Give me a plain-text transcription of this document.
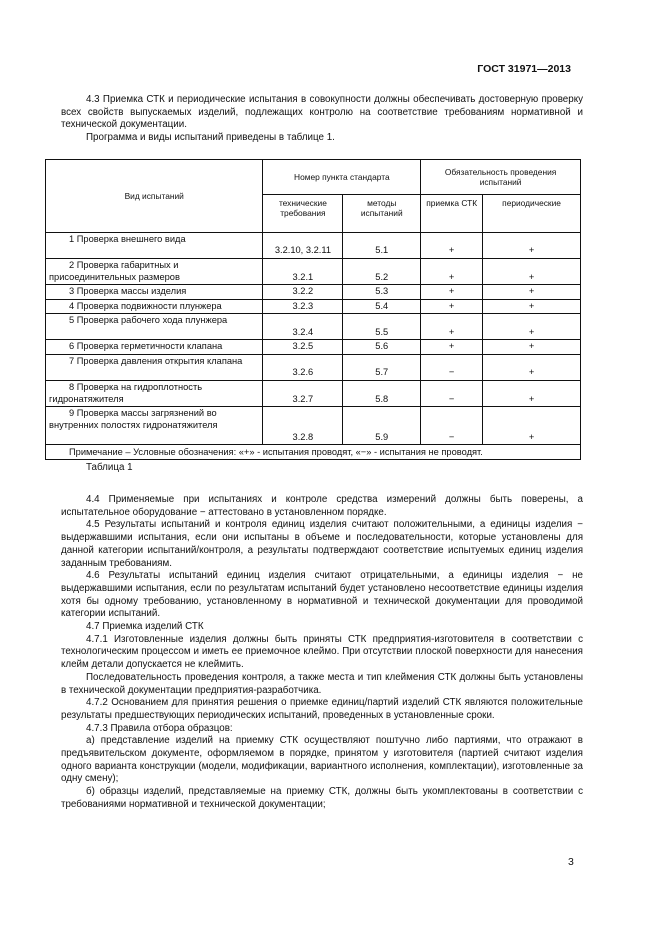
ГОСТ 31971—2013

4.3 Приемка СТК и периодические испытания в совокупности должны обеспечивать достоверную проверку всех свойств выпускаемых изделий, подлежащих контролю на соответствие требованиям нормативной и технической документации.

Программа и виды испытаний приведены в таблице 1.

Вид испытаний	Номер пункта стандарта		Обязательность проведения испытаний	
	технические требования	методы испытаний	приемка СТК	периодические
1 Проверка внешнего вида	3.2.10, 3.2.11	5.1	+	+
2 Проверка габаритных и присоединительных размеров	3.2.1	5.2	+	+
3 Проверка массы изделия	3.2.2	5.3	+	+
4 Проверка подвижности плунжера	3.2.3	5.4	+	+
5 Проверка рабочего хода плунжера	3.2.4	5.5	+	+
6 Проверка герметичности клапана	3.2.5	5.6	+	+
7 Проверка давления открытия клапана	3.2.6	5.7	−	+
8 Проверка на гидроплотность гидронатяжителя	3.2.7	5.8	−	+
9 Проверка массы загрязнений во внутренних полостях гидронатяжителя	3.2.8	5.9	−	+
Примечание – Условные обозначения: «+» - испытания проводят, «−» - испытания не проводят.				
Таблица 1

4.4 Применяемые при испытаниях и контроле средства измерений должны быть поверены, а испытательное оборудование − аттестовано в установленном порядке.

4.5 Результаты испытаний и контроля единиц изделия считают положительными, а единицы изделия − выдержавшими испытания, если они испытаны в объеме и последовательности, которые установлены для данной категории испытаний/контроля, а результаты подтверждают соответствие испытуемых единиц изделия заданным требованиям.

4.6 Результаты испытаний единиц изделия считают отрицательными, а единицы изделия − не выдержавшими испытания, если по результатам испытаний будет установлено несоответствие единицы изделия хотя бы одному требованию, установленному в нормативной и технической документации для проводимой категории испытаний.

4.7 Приемка изделий СТК

4.7.1 Изготовленные изделия должны быть приняты СТК предприятия-изготовителя в соответствии с технологическим процессом и иметь ее приемочное клеймо. При отсутствии плоской поверхности для нанесения клейм детали допускается не клеймить.

Последовательность проведения контроля, а также места и тип клеймения СТК должны быть установлены в технической документации предприятия-разработчика.

4.7.2 Основанием для принятия решения о приемке единиц/партий изделий СТК являются положительные результаты предшествующих периодических испытаний, проведенных в установленные сроки.

4.7.3 Правила отбора образцов:

а) представление изделий на приемку СТК осуществляют поштучно либо партиями, что отражают в предъявительском документе, оформляемом в порядке, принятом у изготовителя (партией считают изделия одного варианта конструкции (модели, модификации, вариантного исполнения, комплектации), изготовленные за одну смену);

б) образцы изделий, представляемые на приемку СТК, должны быть укомплектованы в соответствии с требованиями нормативной и технической документации;

3
